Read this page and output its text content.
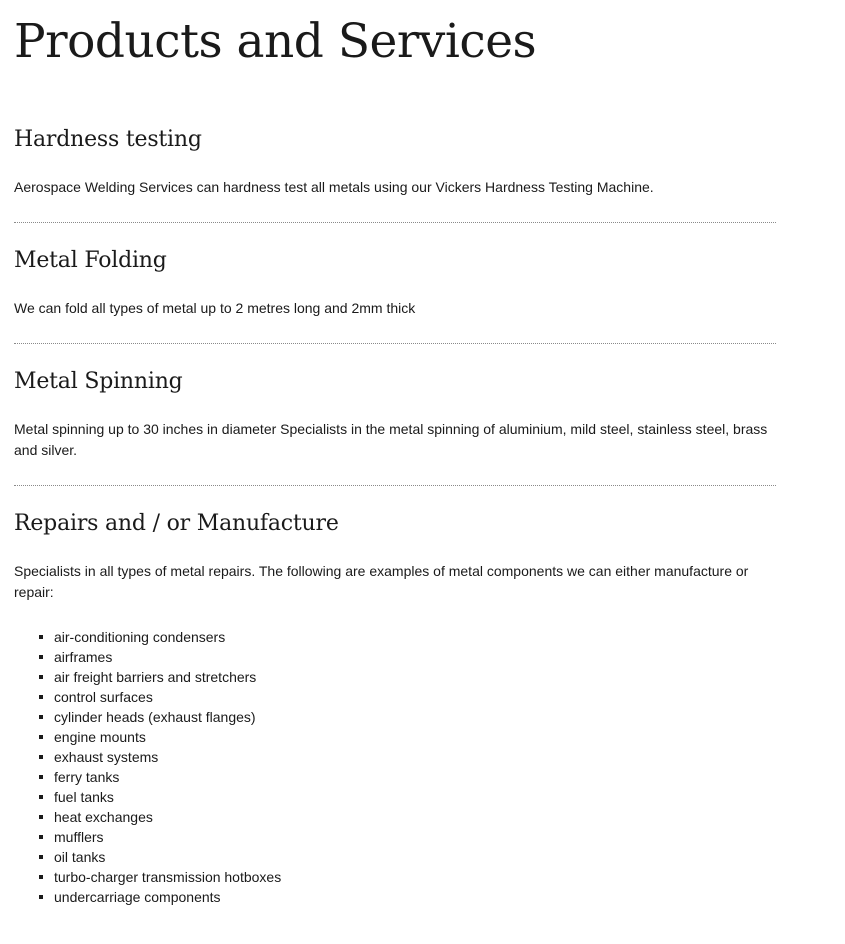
Products and Services
Hardness testing

Aerospace Welding Services can hardness test all metals using our Vickers Hardness Testing Machine.

Metal Folding

We can fold all types of metal up to 2 metres long and 2mm thick

Metal Spinning

Metal spinning up to 30 inches in diameter Specialists in the metal spinning of aluminium, mild steel, stainless steel, brass and silver.

Repairs and / or Manufacture

Specialists in all types of metal repairs. The following are examples of metal components we can either manufacture or repair:

air-conditioning condensers
airframes
air freight barriers and stretchers
control surfaces
cylinder heads (exhaust flanges)
engine mounts
exhaust systems
ferry tanks
fuel tanks
heat exchanges
mufflers
oil tanks
turbo-charger transmission hotboxes
undercarriage components
